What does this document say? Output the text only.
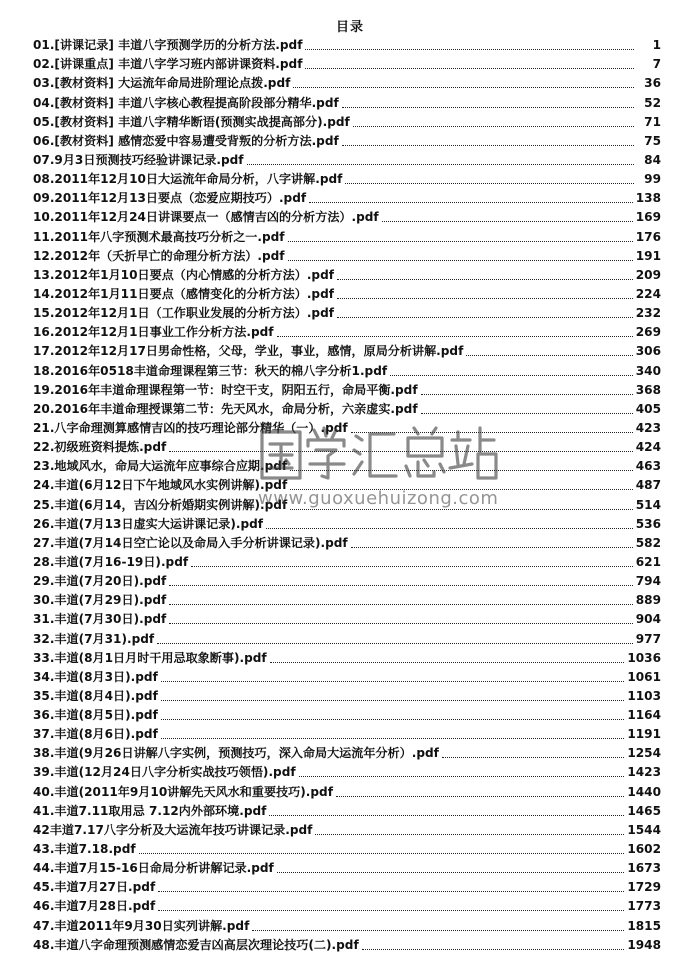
目录
01.[讲课记录] 丰道八字预测学历的分析方法.pdf	1
02.[讲课重点] 丰道八字学习班内部讲课资料.pdf	7
03.[教材资料] 大运流年命局进阶理论点拨.pdf	36
04.[教材资料] 丰道八字核心教程提高阶段部分精华.pdf	52
05.[教材资料] 丰道八字精华断语(预测实战提高部分).pdf	71
06.[教材资料] 感情恋爱中容易遭受背叛的分析方法.pdf	75
07.9月3日预测技巧经验讲课记录.pdf	84
08.2011年12月10日大运流年命局分析，八字讲解.pdf	99
09.2011年12月13日要点（恋爱应期技巧）.pdf	138
10.2011年12月24日讲课要点一（感情吉凶的分析方法）.pdf	169
11.2011年八字预测术最高技巧分析之一.pdf	176
12.2012年（夭折早亡的命理分析方法）.pdf	191
13.2012年1月10日要点（内心情感的分析方法）.pdf	209
14.2012年1月11日要点（感情变化的分析方法）.pdf	224
15.2012年12月1日（工作职业发展的分析方法）.pdf	232
16.2012年12月1日事业工作分析方法.pdf	269
17.2012年12月17日男命性格，父母，学业，事业，感情，原局分析讲解.pdf	306
18.2016年0518丰道命理课程第三节：秋天的棉八字分析1.pdf	340
19.2016年丰道命理课程第一节：时空干支，阴阳五行，命局平衡.pdf	368
20.2016年丰道命理授课第二节：先天风水，命局分析，六亲虚实.pdf	405
21.八字命理测算感情吉凶的技巧理论部分精华（一）.pdf	423
22.初级班资料提炼.pdf	424
23.地域风水，命局大运流年应事综合应期.pdf	463
24.丰道(6月12日下午地域风水实例讲解).pdf	487
25.丰道(6月14，吉凶分析婚期实例讲解).pdf	514
26.丰道(7月13日虚实大运讲课记录).pdf	536
27.丰道(7月14日空亡论以及命局入手分析讲课记录).pdf	582
28.丰道(7月16-19日).pdf	621
29.丰道(7月20日).pdf	794
30.丰道(7月29日).pdf	889
31.丰道(7月30日).pdf	904
32.丰道(7月31).pdf	977
33.丰道(8月1日月时干用忌取象断事).pdf	1036
34.丰道(8月3日).pdf	1061
35.丰道(8月4日).pdf	1103
36.丰道(8月5日).pdf	1164
37.丰道(8月6日).pdf	1191
38.丰道(9月26日讲解八字实例，预测技巧，深入命局大运流年分析）.pdf	1254
39.丰道(12月24日八字分析实战技巧领悟).pdf	1423
40.丰道(2011年9月10讲解先天风水和重要技巧).pdf	1440
41.丰道7.11取用忌 7.12内外部环境.pdf	1465
42丰道7.17八字分析及大运流年技巧讲课记录.pdf	1544
43.丰道7.18.pdf	1602
44.丰道7月15-16日命局分析讲解记录.pdf	1673
45.丰道7月27日.pdf	1729
46.丰道7月28日.pdf	1773
47.丰道2011年9月30日实列讲解.pdf	1815
48.丰道八字命理预测感情恋爱吉凶高层次理论技巧(二).pdf	1948
www.guoxuehuizong.com
